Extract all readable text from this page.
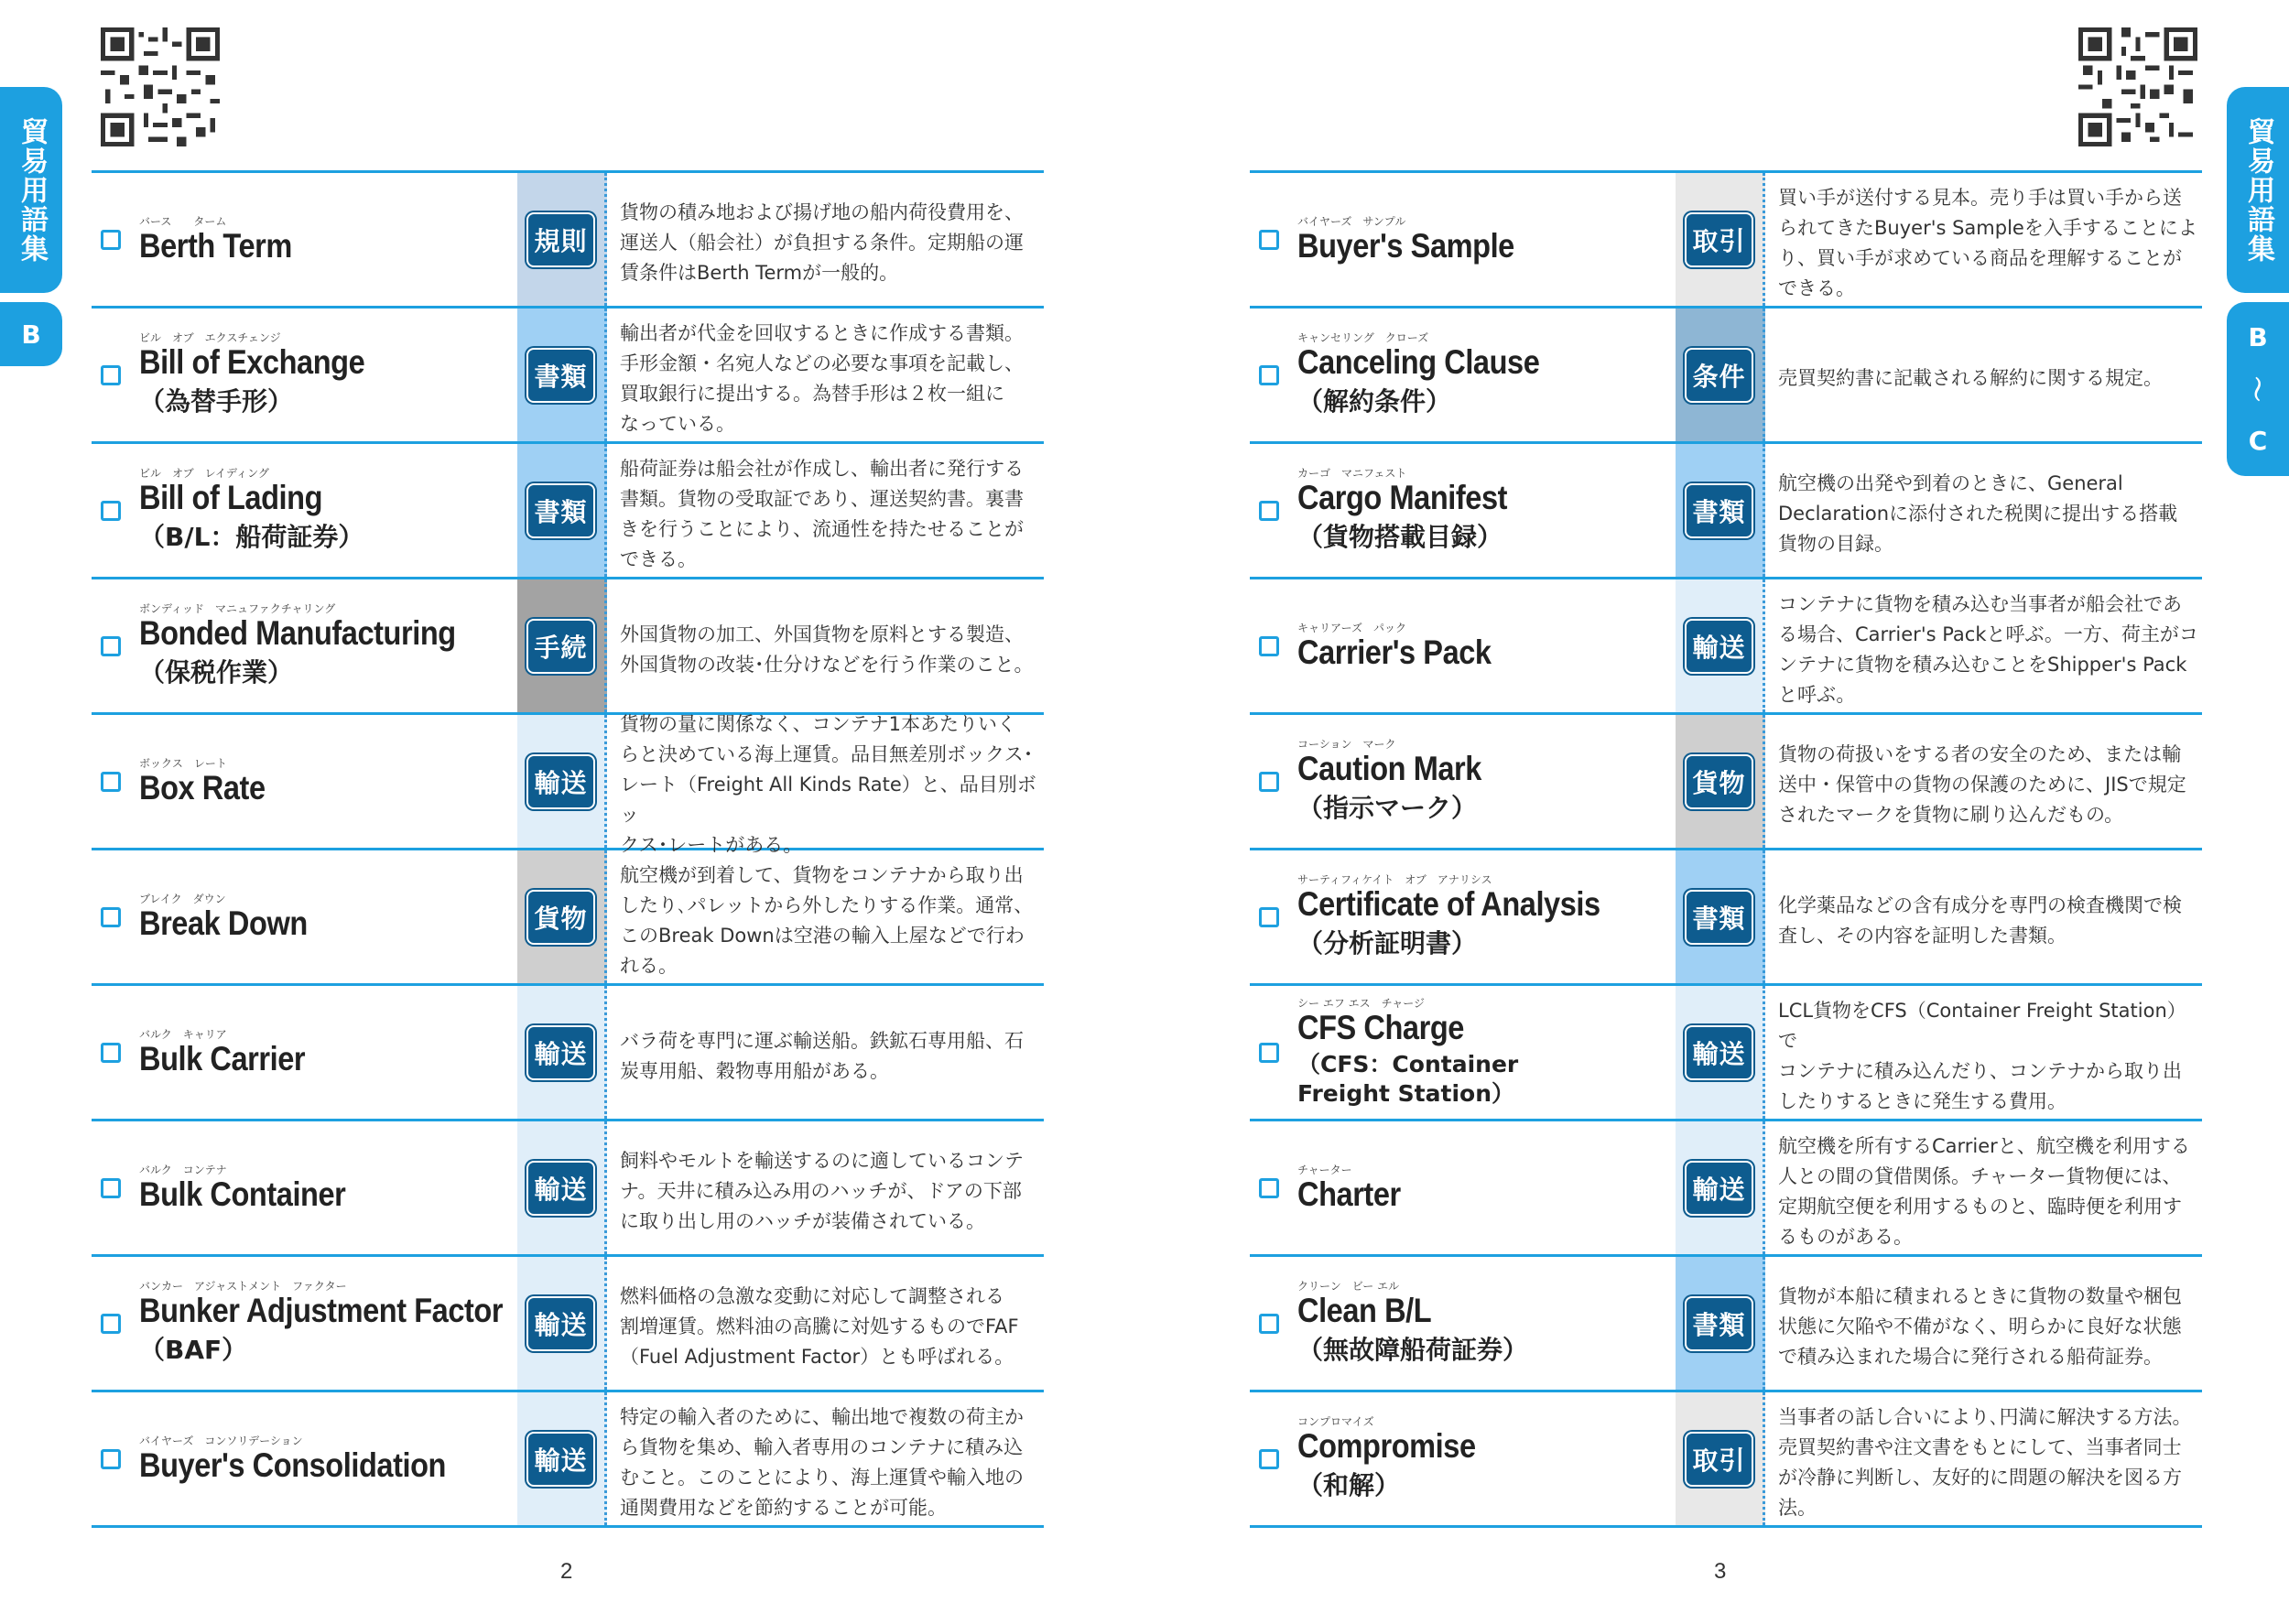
貿易用語集
B
バース　　ターム
Berth Term	規則
貨物の積み地および揚げ地の船内荷役費用を、
運送人（船会社）が負担する条件。定期船の運
賃条件はBerth Termが一般的。
ビル　オブ　エクスチェンジ
Bill of Exchange
（為替手形）
書類
輸出者が代金を回収するときに作成する書類。
手形金額・名宛人などの必要な事項を記載し、
買取銀行に提出する。為替手形は２枚一組に
なっている。
ビル　オブ　レイディング
Bill of Lading
（B/L：船荷証券）
書類
船荷証券は船会社が作成し、輸出者に発行する
書類。貨物の受取証であり、運送契約書。裏書
きを行うことにより、流通性を持たせることが
できる。
ボンディッド　マニュファクチャリング
Bonded Manufacturing
（保税作業）
手続	外国貨物の加工、外国貨物を原料とする製造、
外国貨物の改装･仕分けなどを行う作業のこと。
ボックス　レート
Box Rate	輸送
貨物の量に関係なく、コンテナ1本あたりいく
らと決めている海上運賃。品目無差別ボックス･
レート（Freight All Kinds Rate）と、品目別ボッ
クス･レートがある。
ブレイク　ダウン
Break Down	貨物
航空機が到着して、貨物をコンテナから取り出
したり､パレットから外したりする作業。通常、
このBreak Downは空港の輸入上屋などで行わ
れる。
バルク　キャリア
Bulk Carrier	輸送	バラ荷を専門に運ぶ輸送船。鉄鉱石専用船、石
炭専用船、穀物専用船がある。
バルク　コンテナ
Bulk Container	輸送
飼料やモルトを輸送するのに適しているコンテ
ナ。天井に積み込み用のハッチが、ドアの下部
に取り出し用のハッチが装備されている。
バンカー　アジャストメント　ファクター
Bunker Adjustment Factor
（BAF）
輸送
燃料価格の急激な変動に対応して調整される
割増運賃。燃料油の高騰に対処するものでFAF
（Fuel Adjustment Factor）とも呼ばれる。
バイヤーズ　コンソリデーション
Buyer's Consolidation	輸送
特定の輸入者のために、輸出地で複数の荷主か
ら貨物を集め、輸入者専用のコンテナに積み込
むこと。このことにより、海上運賃や輸入地の
通関費用などを節約することが可能。
2
貿易用語集
B
〜
C
バイヤーズ　サンプル
Buyer's Sample	取引
買い手が送付する見本。売り手は買い手から送
られてきたBuyer's Sampleを入手することによ
り、買い手が求めている商品を理解することが
できる。
キャンセリング　クローズ
Canceling Clause
（解約条件）
条件	売買契約書に記載される解約に関する規定。
カーゴ　マニフェスト
Cargo Manifest
（貨物搭載目録）
書類
航空機の出発や到着のときに、General
Declarationに添付された税関に提出する搭載
貨物の目録。
キャリアーズ　パック
Carrier's Pack	輸送
コンテナに貨物を積み込む当事者が船会社であ
る場合、Carrier's Packと呼ぶ。一方、荷主がコ
ンテナに貨物を積み込むことをShipper's Pack
と呼ぶ。
コーション　マーク
Caution Mark
（指示マーク）
貨物
貨物の荷扱いをする者の安全のため、または輸
送中・保管中の貨物の保護のために、JISで規定
されたマークを貨物に刷り込んだもの。
サーティフィケイト　オブ　アナリシス
Certificate of Analysis
（分析証明書）
書類	化学薬品などの含有成分を専門の検査機関で検
査し、その内容を証明した書類。
シー エフ エス　チャージ
CFS Charge
（CFS：Container Freight Station）
輸送
LCL貨物をCFS（Container Freight Station）で
コンテナに積み込んだり、コンテナから取り出
したりするときに発生する費用。
チャーター
Charter	輸送
航空機を所有するCarrierと、航空機を利用する
人との間の貸借関係。チャーター貨物便には、
定期航空便を利用するものと、臨時便を利用す
るものがある。
クリーン　ビー エル
Clean B/L
（無故障船荷証券）
書類
貨物が本船に積まれるときに貨物の数量や梱包
状態に欠陥や不備がなく、明らかに良好な状態
で積み込まれた場合に発行される船荷証券。
コンプロマイズ
Compromise
（和解）
取引
当事者の話し合いにより､円満に解決する方法。
売買契約書や注文書をもとにして、当事者同士
が冷静に判断し、友好的に問題の解決を図る方
法。
3
